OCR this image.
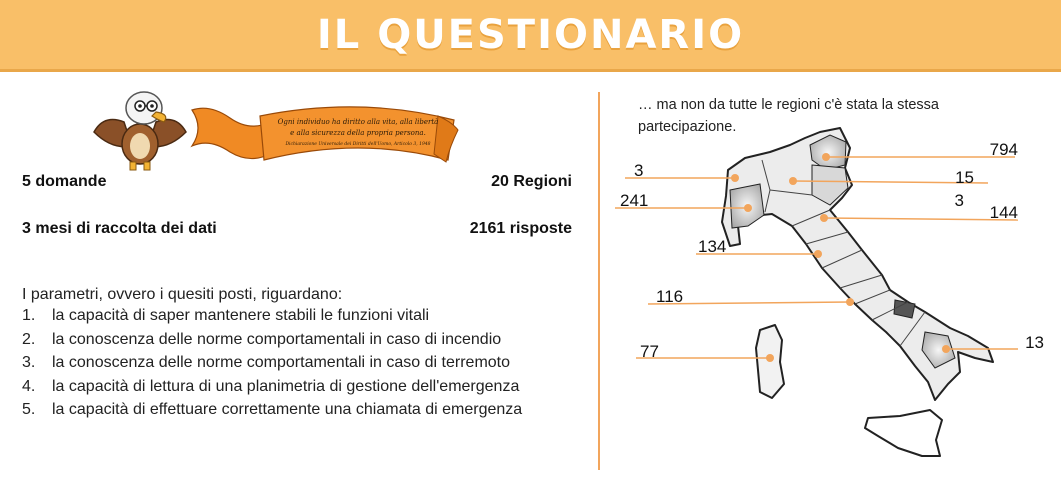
IL QUESTIONARIO
Ogni individuo ha diritto alla vita, alla libertà
e alla sicurezza della propria persona.
Dichiarazione Universale dei Diritti dell'Uomo, Articolo 3, 1948
5 domande	20 Regioni
3 mesi di raccolta dei dati	2161 risposte
I parametri, ovvero i quesiti posti, riguardano:
1.	la capacità di saper mantenere stabili le funzioni vitali
2.	la conoscenza delle norme comportamentali in caso di incendio
3.	la conoscenza delle norme comportamentali in caso di terremoto
4.	la capacità di lettura di una planimetria di gestione dell'emergenza
5.	la capacità di effettuare correttamente una chiamata di emergenza
… ma non da tutte le regioni c'è stata la stessa partecipazione.
794
3	15
241	3
144
134
116
77	13
